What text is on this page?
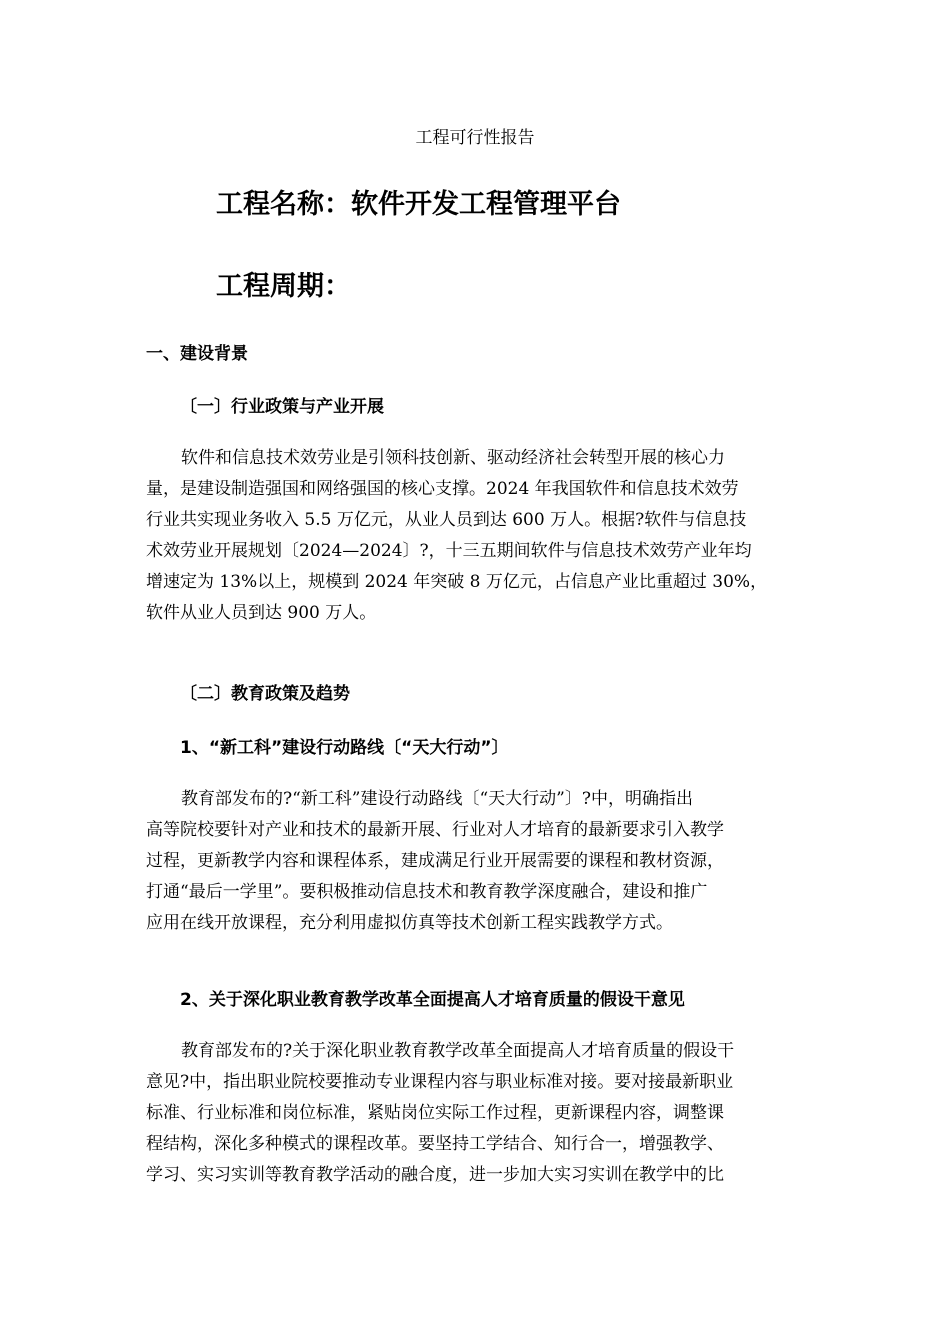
工程可行性报告
工程名称：软件开发工程管理平台
工程周期：
一、建设背景
〔一〕行业政策与产业开展
软件和信息技术效劳业是引领科技创新、驱动经济社会转型开展的核心力
量，是建设制造强国和网络强国的核心支撑。2024 年我国软件和信息技术效劳
行业共实现业务收入 5.5 万亿元，从业人员到达 600 万人。根据?软件与信息技
术效劳业开展规划〔2024—2024〕?，十三五期间软件与信息技术效劳产业年均
增速定为 13%以上，规模到 2024 年突破 8 万亿元，占信息产业比重超过 30%，
软件从业人员到达 900 万人。
〔二〕教育政策及趋势
1、“新工科”建设行动路线〔“天大行动”〕
教育部发布的?“新工科”建设行动路线〔“天大行动”〕?中，明确指出
高等院校要针对产业和技术的最新开展、行业对人才培育的最新要求引入教学
过程，更新教学内容和课程体系，建成满足行业开展需要的课程和教材资源，
打通“最后一学里”。要积极推动信息技术和教育教学深度融合，建设和推广
应用在线开放课程，充分利用虚拟仿真等技术创新工程实践教学方式。
2、关于深化职业教育教学改革全面提高人才培育质量的假设干意见
教育部发布的?关于深化职业教育教学改革全面提高人才培育质量的假设干
意见?中，指出职业院校要推动专业课程内容与职业标准对接。要对接最新职业
标准、行业标准和岗位标准，紧贴岗位实际工作过程，更新课程内容，调整课
程结构，深化多种模式的课程改革。要坚持工学结合、知行合一，增强教学、
学习、实习实训等教育教学活动的融合度，进一步加大实习实训在教学中的比
